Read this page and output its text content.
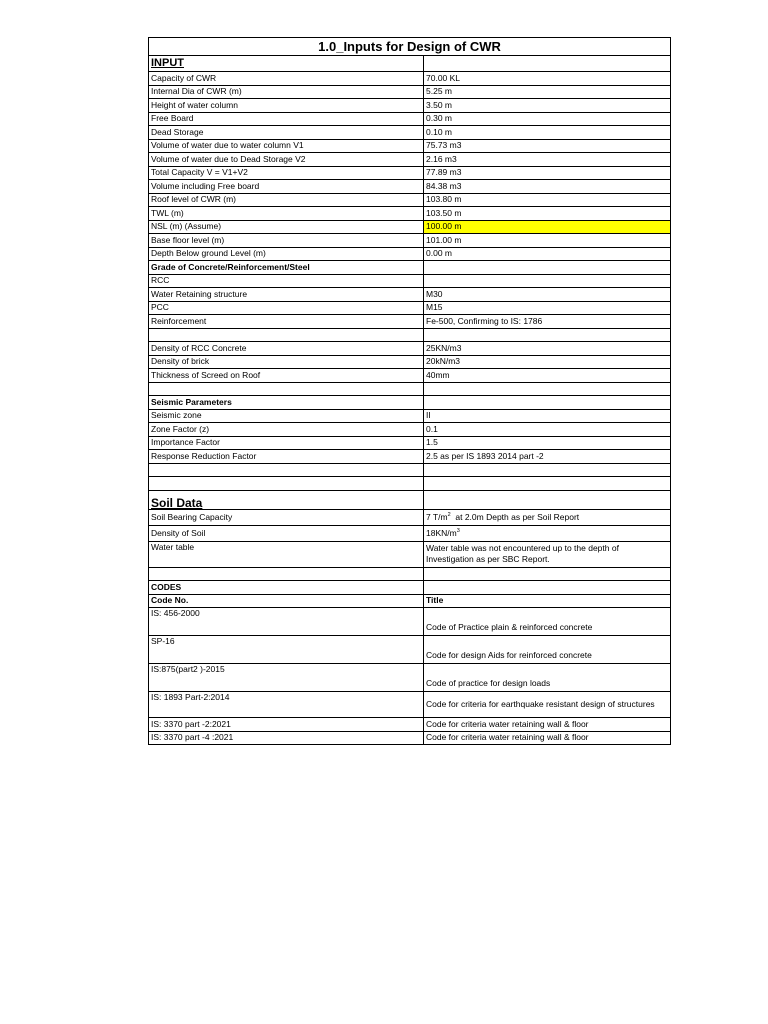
1.0_Inputs for Design of CWR	
INPUT	
Capacity of CWR	70.00 KL
Internal Dia of CWR (m)	5.25 m
Height of water column	3.50 m
Free Board	0.30 m
Dead Storage	0.10 m
Volume of water due to water column V1	75.73 m3
Volume of water due to Dead Storage V2	2.16 m3
Total Capacity V = V1+V2	77.89 m3
Volume including Free board	84.38 m3
Roof level of CWR (m)	103.80 m
TWL (m)	103.50 m
NSL (m) (Assume)	100.00 m
Base floor level (m)	101.00 m
Depth Below ground Level (m)	0.00 m
Grade of Concrete/Reinforcement/Steel	
RCC	
Water Retaining structure	M30
PCC	M15
Reinforcement	Fe-500, Confirming to IS: 1786

Density of RCC Concrete	25KN/m3
Density of brick	20kN/m3
Thickness of Screed on Roof	40mm

Seismic Parameters	
Seismic zone	II
Zone Factor (z)	0.1
Importance Factor	1.5
Response Reduction Factor	2.5 as per IS 1893 2014 part -2

Soil Data	
Soil Bearing Capacity	7 $T/m^2$  at 2.0m Depth as per Soil Report
Density of Soil	$18KN/m^3$
Water table	Water table was not encountered up to the depth of Investigation as per SBC Report.

CODES	
Code No.	Title
IS: 456-2000	Code of Practice plain & reinforced concrete
SP-16	Code for design Aids for reinforced concrete
IS:875(part2 )-2015	Code of practice for design loads
IS: 1893 Part-2:2014	Code for criteria for earthquake resistant design of structures
IS: 3370 part -2:2021	Code for criteria water retaining wall & floor
IS: 3370 part -4 :2021	Code for criteria water retaining wall & floor
